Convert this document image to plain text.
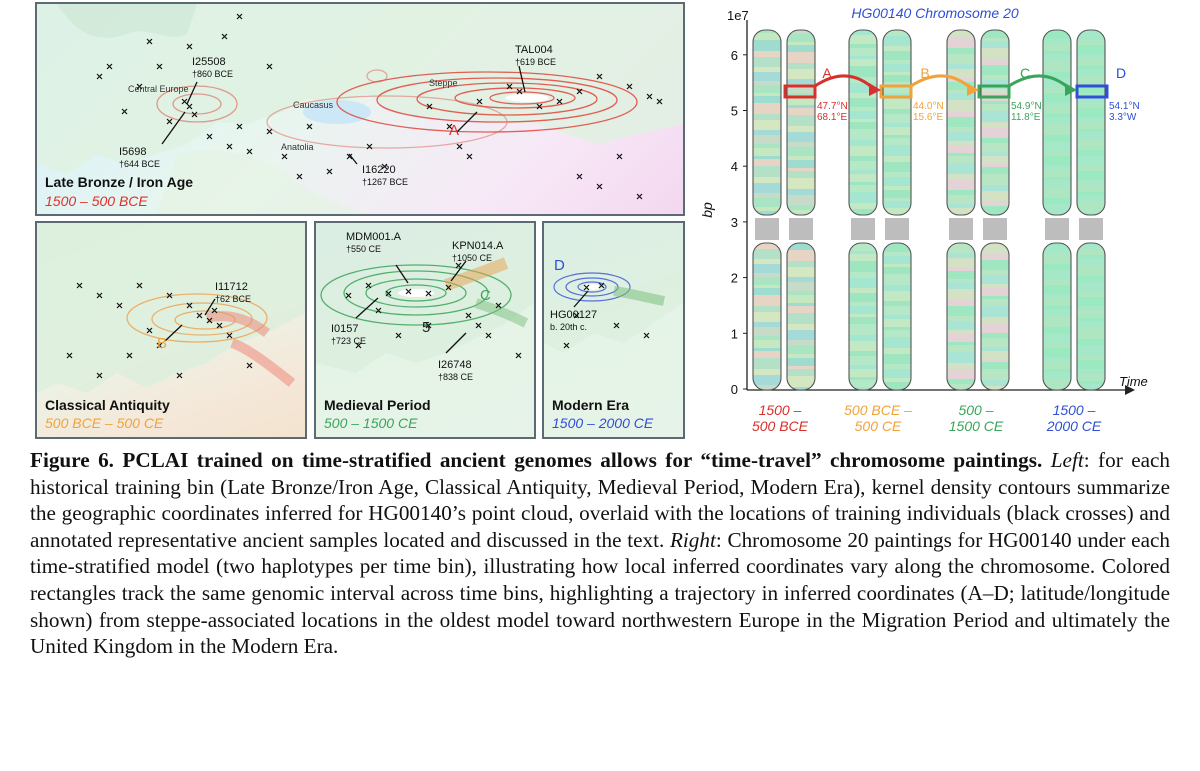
Central Europe
Steppe
Caucasus
Anatolia
I25508
†860 BCE
TAL004
†619 BCE
I5698
†644 BCE	I16220
†1267 BCE
A
Late Bronze / Iron Age
1500 – 500 BCE
I11712
†62 BCE
B
Classical Antiquity
500 BCE – 500 CE
MDM001.A
†550 CE	KPN014.A
†1050 CE
I0157
†723 CE
I26748
†838 CE
C
5
Medieval Period
500 – 1500 CE
D
HG00127
b. 20th c.
Modern Era
1500 – 2000 CE
Time
1e7
bp
HG00140 Chromosome 20
6
5
4
3
2
1
0
47.7°N
68.1°E
44.0°N
15.6°E
54.9°N
11.8°E
54.1°N
3.3°W
A	B	C	D
1500 –
500 BCE
500 BCE –
500 CE
500 –
1500 CE
1500 –
2000 CE
Figure 6. PCLAI trained on time-stratified ancient genomes allows for “time-travel” chromosome paintings. Left: for each historical training bin (Late Bronze/Iron Age, Classical Antiquity, Medieval Period, Modern Era), kernel density contours summarize the geographic coordinates inferred for HG00140’s point cloud, overlaid with the locations of training individuals (black crosses) and annotated representative ancient samples located and discussed in the text. Right: Chromosome 20 paintings for HG00140 under each time-stratified model (two haplotypes per time bin), illustrating how local inferred coordinates vary along the chromosome. Colored rectangles track the same genomic interval across time bins, highlighting a trajectory in inferred coordinates (A–D; latitude/longitude shown) from steppe-associated locations in the oldest model toward northwestern Europe in the Migration Period and ultimately the United Kingdom in the Modern Era.
